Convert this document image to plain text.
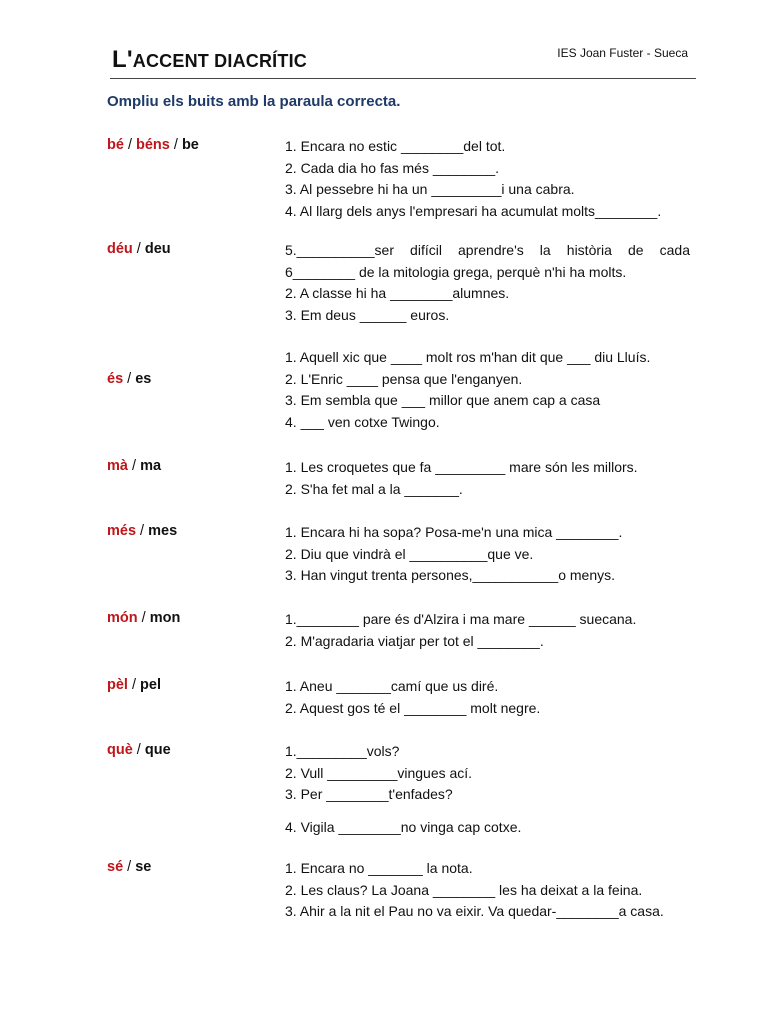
L'ACCENT DIACRÍTIC	IES Joan Fuster - Sueca
Ompliu els buits amb la paraula correcta.
bé / béns / be	1. Encara no estic ________del tot.
2. Cada dia ho fas més ________.
3. Al pessebre hi ha un _________i una cabra.
4. Al llarg dels anys l'empresari ha acumulat molts________.
déu / deu	5.__________ser difícil aprendre's la història de cada
6________ de la mitologia grega, perquè n'hi ha molts.
2. A classe hi ha ________alumnes.
3. Em deus ______ euros.
és / es
1. Aquell xic que ____ molt ros m'han dit que ___ diu Lluís.
2. L'Enric ____ pensa que l'enganyen.
3. Em sembla que ___ millor que anem cap a casa
4. ___ ven cotxe Twingo.
mà / ma	1. Les croquetes que fa _________ mare són les millors.
2. S'ha fet mal a la _______.
més / mes	1. Encara hi ha sopa? Posa-me'n una mica ________.
2. Diu que vindrà el __________que ve.
3. Han vingut trenta persones,___________o menys.
món / mon	1.________ pare és d'Alzira i ma mare ______ suecana.
2. M'agradaria viatjar per tot el ________.
pèl / pel	1. Aneu _______camí que us diré.
2. Aquest gos té el ________ molt negre.
què / que	1._________vols?
2. Vull _________vingues ací.
3. Per ________t'enfades?
4. Vigila ________no vinga cap cotxe.
sé / se	1. Encara no _______ la nota.
2. Les claus? La Joana ________ les ha deixat a la feina.
3. Ahir a la nit el Pau no va eixir. Va quedar-________a casa.
